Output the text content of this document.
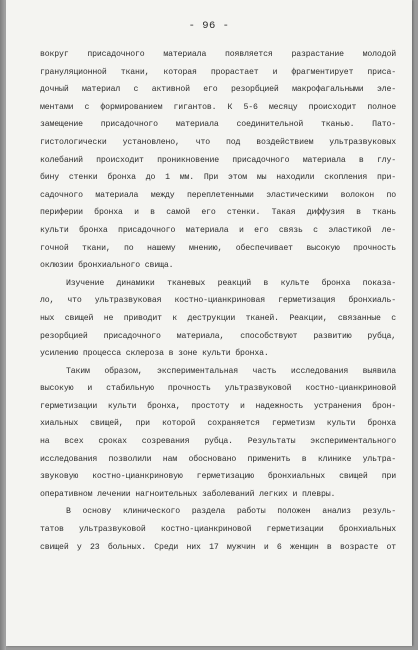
- 96 -
вокруг присадочного материала появляется разрастание молодой
грануляционной ткани, которая прорастает и фрагментирует приса-
дочный материал с активной его резорбцией макрофагальными эле-
ментами с формированием гигантов. К 5-6 месяцу происходит полное
замещение присадочного материала соединительной тканью. Пато-
гистологически установлено, что под воздействием ультразвуковых
колебаний происходит проникновение присадочного материала в глу-
бину стенки бронха до 1 мм. При этом мы находили скопления при-
садочного материала между переплетенными эластическими волокон по
периферии бронха и в самой его стенки. Такая диффузия в ткань
культи бронха присадочного материала и его связь с эластикой ле-
гочной ткани, по нашему мнению, обеспечивает высокую прочность
оклюзии бронхиального свища.
Изучение динамики тканевых реакций в культе бронха показа-
ло, что ультразвуковая костно-цианкриновая герметизация бронхиаль-
ных свищей не приводит к деструкции тканей. Реакции, связанные с
резорбцией присадочного материала, способствуют развитию рубца,
усилению процесса склероза в зоне культи бронха.
Таким образом, экспериментальная часть исследования выявила
высокую и стабильную прочность ультразвуковой костно-цианкриновой
герметизации культи бронха, простоту и надежность устранения брон-
хиальных свищей, при которой сохраняется герметизм культи бронха
на всех сроках созревания рубца. Результаты экспериментального
исследования позволили нам обосновано применить в клинике ультра-
звуковую костно-цианкриновую герметизацию бронхиальных свищей при
оперативном лечении нагноительных заболеваний легких и плевры.
В основу клинического раздела работы положен анализ резуль-
татов ультразвуковой костно-цианкриновой герметизации бронхиальных
свищей у 23 больных. Среди них 17 мужчин и 6 женщин в возрасте от
